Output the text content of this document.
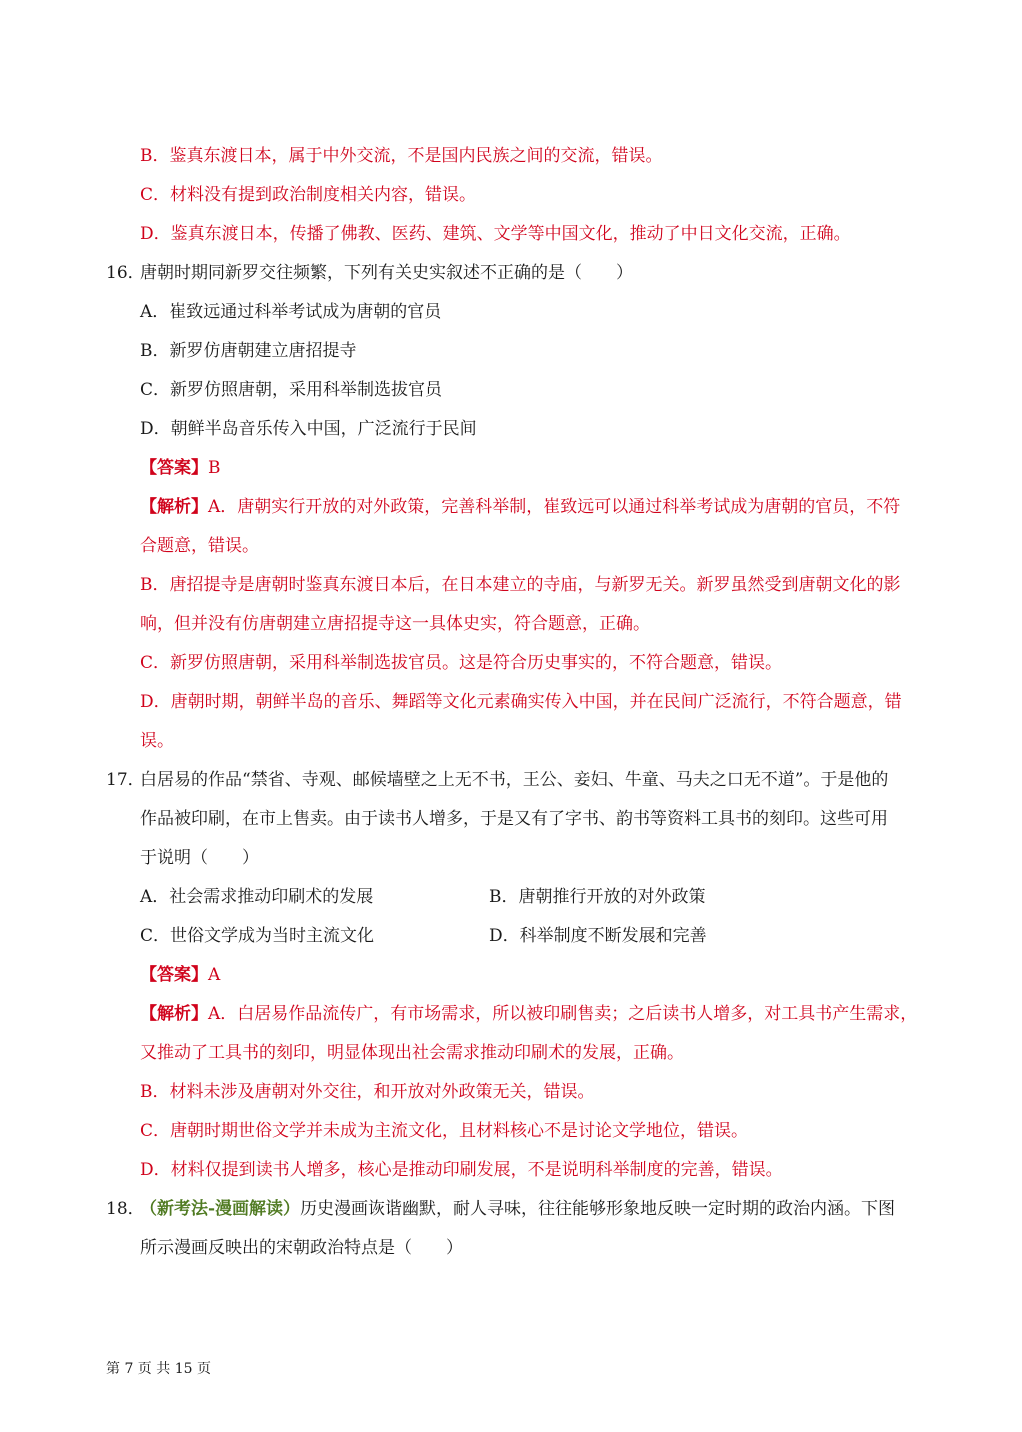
B．鉴真东渡日本，属于中外交流，不是国内民族之间的交流，错误。
C．材料没有提到政治制度相关内容，错误。
D．鉴真东渡日本，传播了佛教、医药、建筑、文学等中国文化，推动了中日文化交流，正确。
16．
唐朝时期同新罗交往频繁，下列有关史实叙述不正确的是（　　）
A．崔致远通过科举考试成为唐朝的官员
B．新罗仿唐朝建立唐招提寺
C．新罗仿照唐朝，采用科举制选拔官员
D．朝鲜半岛音乐传入中国，广泛流行于民间
【答案】B
【解析】A．唐朝实行开放的对外政策，完善科举制，崔致远可以通过科举考试成为唐朝的官员，不符
合题意，错误。
B．唐招提寺是唐朝时鉴真东渡日本后，在日本建立的寺庙，与新罗无关。新罗虽然受到唐朝文化的影
响，但并没有仿唐朝建立唐招提寺这一具体史实，符合题意，正确。
C．新罗仿照唐朝，采用科举制选拔官员。这是符合历史事实的，不符合题意，错误。
D．唐朝时期，朝鲜半岛的音乐、舞蹈等文化元素确实传入中国，并在民间广泛流行，不符合题意，错
误。
17．
白居易的作品“禁省、寺观、邮候墙壁之上无不书，王公、妾妇、牛童、马夫之口无不道”。于是他的
作品被印刷，在市上售卖。由于读书人增多，于是又有了字书、韵书等资料工具书的刻印。这些可用
于说明（　　）
A．社会需求推动印刷术的发展	B．唐朝推行开放的对外政策
C．世俗文学成为当时主流文化	D．科举制度不断发展和完善
【答案】A
【解析】A．白居易作品流传广，有市场需求，所以被印刷售卖；之后读书人增多，对工具书产生需求，
又推动了工具书的刻印，明显体现出社会需求推动印刷术的发展，正确。
B．材料未涉及唐朝对外交往，和开放对外政策无关，错误。
C．唐朝时期世俗文学并未成为主流文化，且材料核心不是讨论文学地位，错误。
D．材料仅提到读书人增多，核心是推动印刷发展，不是说明科举制度的完善，错误。
18．
（新考法-漫画解读）历史漫画诙谐幽默，耐人寻味，往往能够形象地反映一定时期的政治内涵。下图
所示漫画反映出的宋朝政治特点是（　　）
第 7 页 共 15 页
